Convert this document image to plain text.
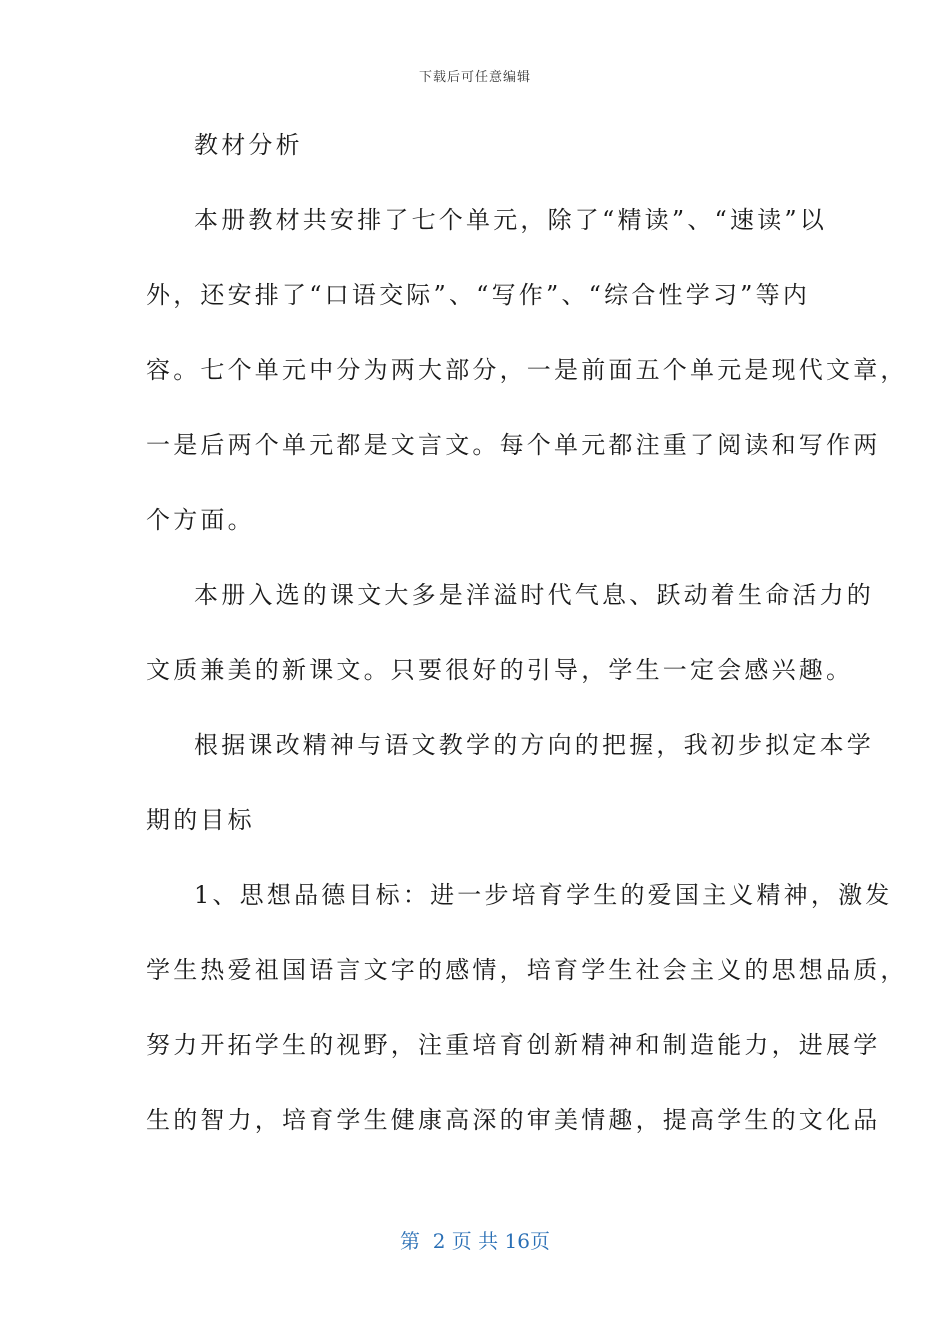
下载后可任意编辑
教材分析
本册教材共安排了七个单元，除了“精读”、“速读”以
外，还安排了“口语交际”、“写作”、“综合性学习”等内
容。七个单元中分为两大部分，一是前面五个单元是现代文章，
一是后两个单元都是文言文。每个单元都注重了阅读和写作两
个方面。
本册入选的课文大多是洋溢时代气息、跃动着生命活力的
文质兼美的新课文。只要很好的引导，学生一定会感兴趣。
根据课改精神与语文教学的方向的把握，我初步拟定本学
期的目标
1、思想品德目标：进一步培育学生的爱国主义精神，激发
学生热爱祖国语言文字的感情，培育学生社会主义的思想品质，
努力开拓学生的视野，注重培育创新精神和制造能力，进展学
生的智力，培育学生健康高深的审美情趣，提高学生的文化品
第  2 页 共 16页
